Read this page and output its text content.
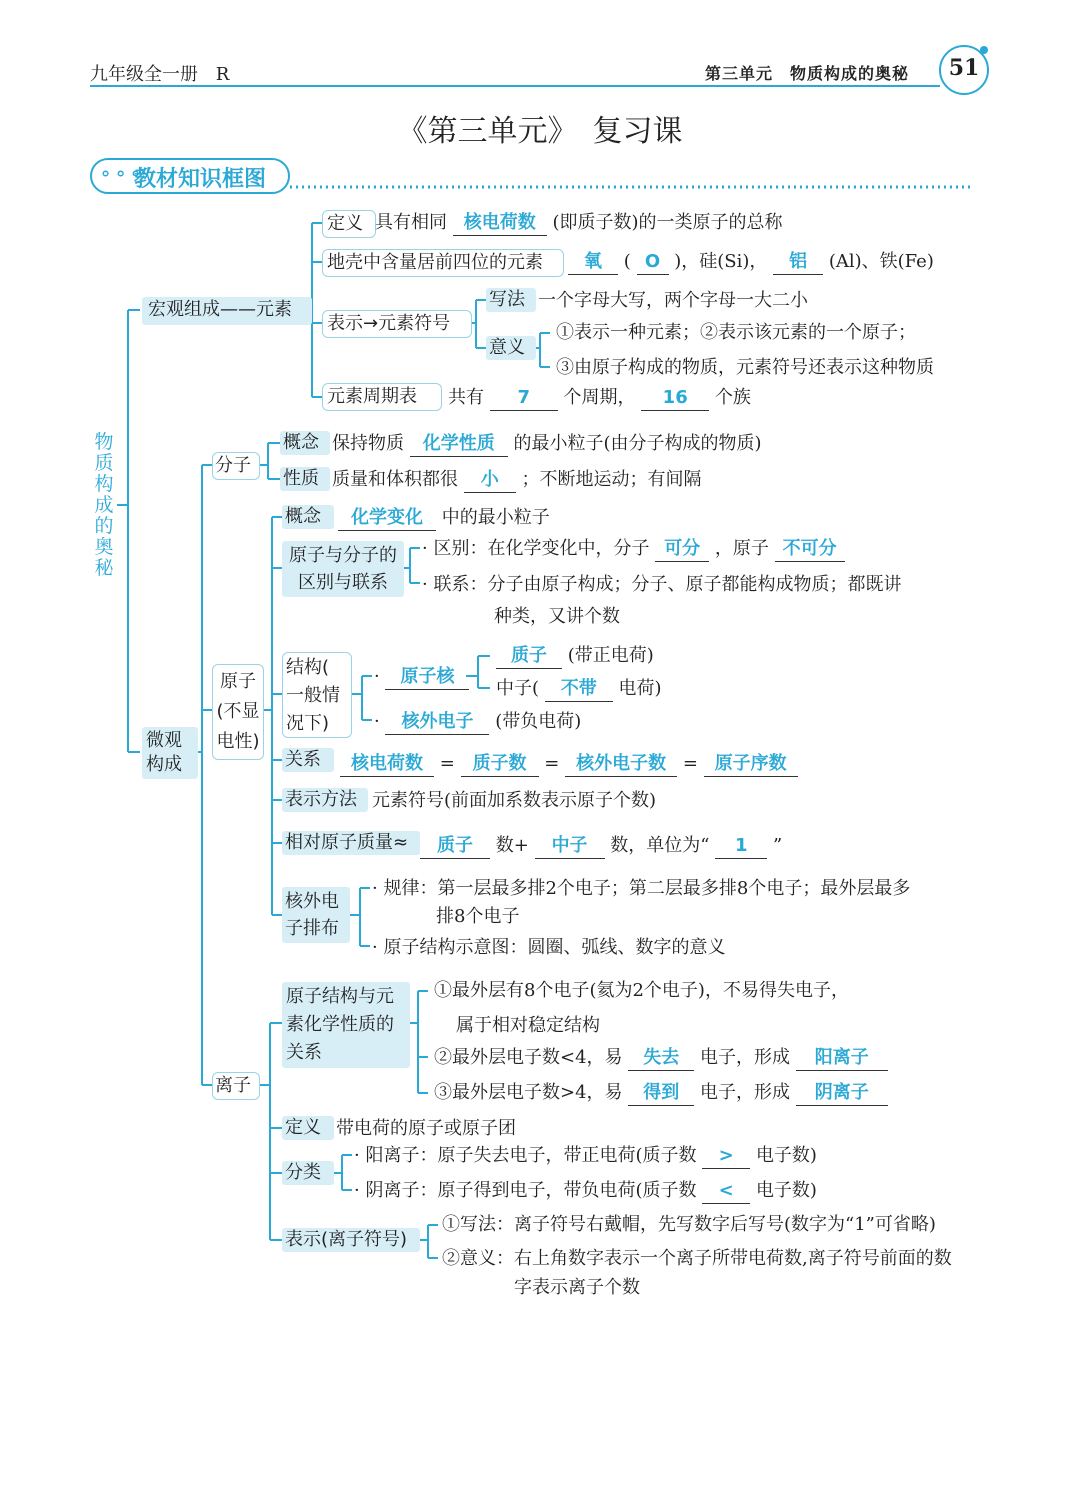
九年级全一册 R	第三单元　物质构成的奥秘	51
《第三单元》　复习课
⚬⚬⚬
教材知识框图
物
质
构
成
的
奥
秘
宏观组成——元素
定义 具有相同 核电荷数 (即质子数)的一类原子的总称
地壳中含量居前四位的元素	氧 ( O )，硅(Si)， 铝 (Al)、铁(Fe)
表示→元素符号
写法 一个字母大写，两个字母一大二小
意义
①表示一种元素；②表示该元素的一个原子；
③由原子构成的物质，元素符号还表示这种物质
元素周期表	共有 7 个周期， 16 个族
微观
构成
分子
概念 保持物质 化学性质 的最小粒子(由分子构成的物质)
性质 质量和体积都很 小 ；不断地运动；有间隔
原子
(不显
电性)
概念	化学变化 中的最小粒子
原子与分子的
区别与联系
· 区别：在化学变化中，分子 可分 ，原子 不可分
· 联系：分子由原子构成；分子、原子都能构成物质；都既讲
种类，又讲个数
结构(
一般情
况下)
· 原子核
质子 (带正电荷)
中子( 不带 电荷)
· 核外电子 (带负电荷)
关系	核电荷数 = 质子数 = 核外电子数 = 原子序数
表示方法 元素符号(前面加系数表示原子个数)
相对原子质量≈	质子 数+ 中子 数，单位为“ 1 ”
核外电
子排布
· 规律：第一层最多排2个电子；第二层最多排8个电子；最外层最多
排8个电子
· 原子结构示意图：圆圈、弧线、数字的意义
离子
原子结构与元
素化学性质的
关系
①最外层有8个电子(氦为2个电子)，不易得失电子，
属于相对稳定结构
②最外层电子数<4，易 失去 电子，形成 阳离子
③最外层电子数>4，易 得到 电子，形成 阴离子
定义 带电荷的原子或原子团
分类
· 阳离子：原子失去电子，带正电荷(质子数 > 电子数)
· 阴离子：原子得到电子，带负电荷(质子数 < 电子数)
表示(离子符号)
①写法：离子符号右戴帽，先写数字后写号(数字为“1”可省略)
②意义：右上角数字表示一个离子所带电荷数,离子符号前面的数
字表示离子个数
